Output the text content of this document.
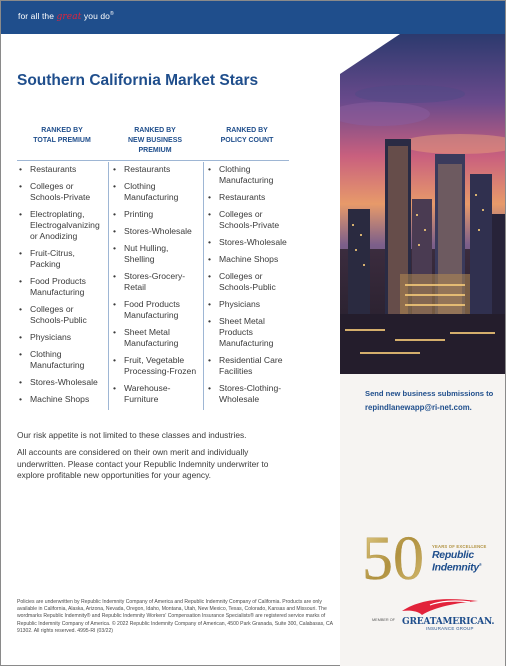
for all the great you do®
Southern California Market Stars
RANKED BY
TOTAL PREMIUM
RANKED BY
NEW BUSINESS
PREMIUM
RANKED BY
POLICY COUNT
• Restaurants
• Colleges or Schools-Private
• Electroplating, Electrogalvanizing or Anodizing
• Fruit-Citrus, Packing
• Food Products Manufacturing
• Colleges or Schools-Public
• Physicians
• Clothing Manufacturing
• Stores-Wholesale
• Machine Shops
• Restaurants
• Clothing Manufacturing
• Printing
• Stores-Wholesale
• Nut Hulling, Shelling
• Stores-Grocery-Retail
• Food Products Manufacturing
• Sheet Metal Manufacturing
• Fruit, Vegetable Processing-Frozen
• Warehouse-Furniture
• Clothing Manufacturing
• Restaurants
• Colleges or Schools-Private
• Stores-Wholesale
• Machine Shops
• Colleges or Schools-Public
• Physicians
• Sheet Metal Products Manufacturing
• Residential Care Facilities
• Stores-Clothing-Wholesale
Our risk appetite is not limited to these classes and industries.
All accounts are considered on their own merit and individually underwritten. Please contact your Republic Indemnity underwriter to explore profitable new opportunities for your agency.
Send new business submissions to
repindlanewapp@ri-net.com.
50 YEARS OF EXCELLENCE
Republic
Indemnity®
MEMBER OF GREATAMERICAN.
INSURANCE GROUP
Policies are underwritten by Republic Indemnity Company of America and Republic Indemnity Company of California. Products are only available in California, Alaska, Arizona, Nevada, Oregon, Idaho, Montana, Utah, New Mexico, Texas, Colorado, Kansas and Missouri. The wordmarks Republic Indemnity® and Republic Indemnity Workers' Compensation Insurance Specialists® are registered service marks of Republic Indemnity Company of America. © 2022 Republic Indemnity Company of American, 4500 Park Granada, Suite 300, Calabasas, CA 91302. All rights reserved. 4995-RI (03/22)
